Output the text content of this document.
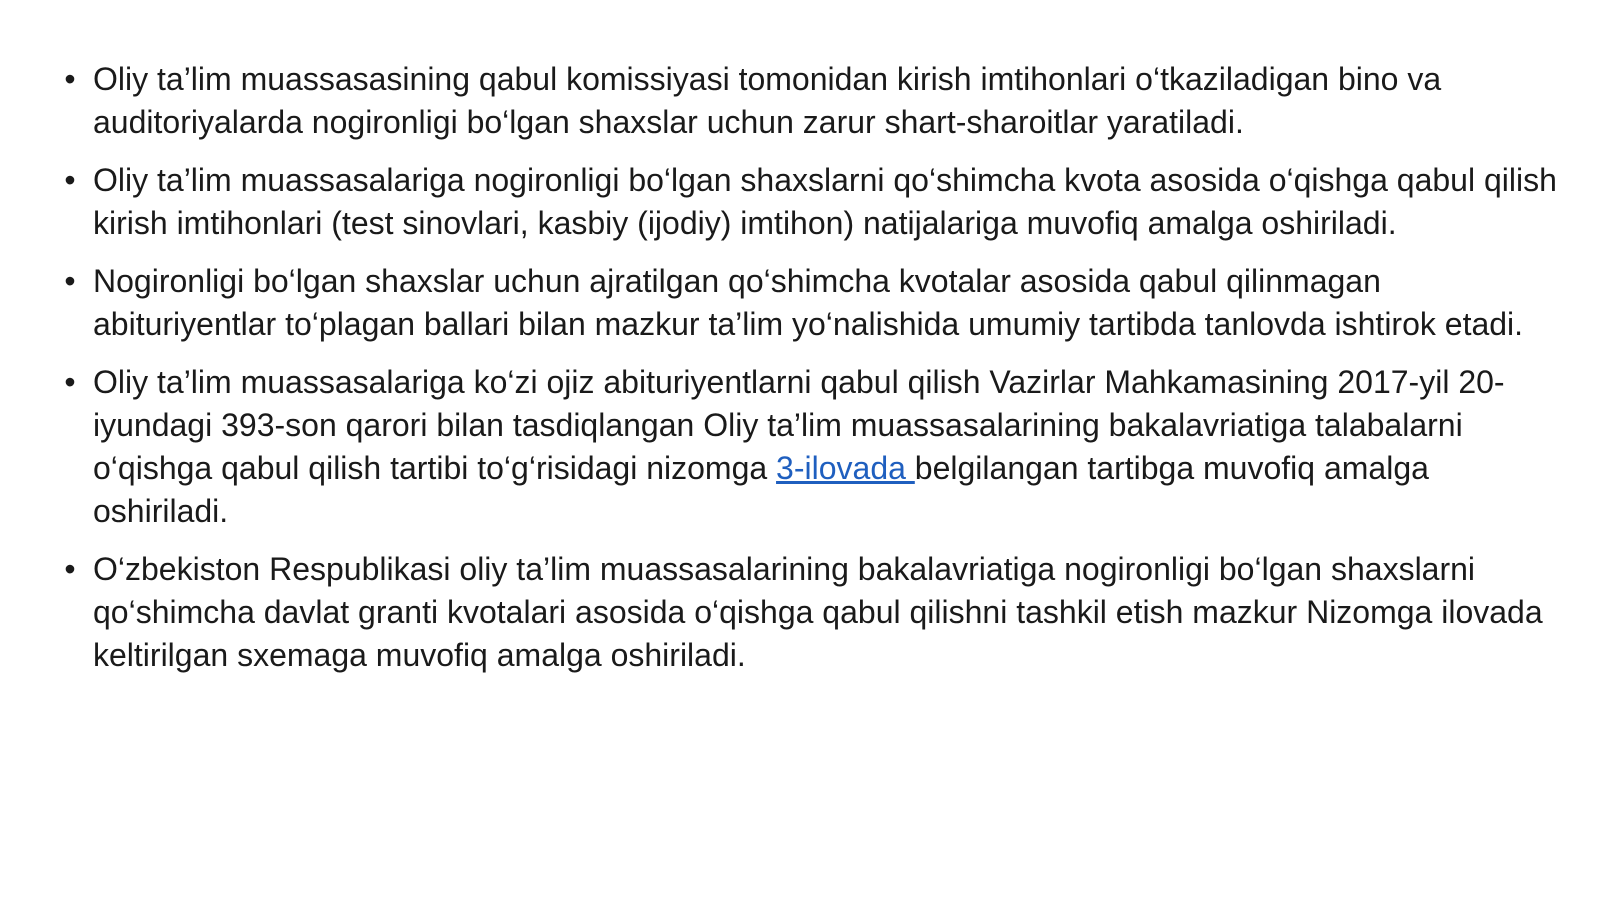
• Oliy ta’lim muassasasining qabul komissiyasi tomonidan kirish imtihonlari o‘tkaziladigan bino va auditoriyalarda nogironligi bo‘lgan shaxslar uchun zarur shart-sharoitlar yaratiladi.
• Oliy ta’lim muassasalariga nogironligi bo‘lgan shaxslarni qo‘shimcha kvota asosida o‘qishga qabul qilish kirish imtihonlari (test sinovlari, kasbiy (ijodiy) imtihon) natijalariga muvofiq amalga oshiriladi.
• Nogironligi bo‘lgan shaxslar uchun ajratilgan qo‘shimcha kvotalar asosida qabul qilinmagan abituriyentlar to‘plagan ballari bilan mazkur ta’lim yo‘nalishida umumiy tartibda tanlovda ishtirok etadi.
• Oliy ta’lim muassasalariga ko‘zi ojiz abituriyentlarni qabul qilish Vazirlar Mahkamasining 2017-yil 20-iyundagi 393-son qarori bilan tasdiqlangan Oliy ta’lim muassasalarining bakalavriatiga talabalarni o‘qishga qabul qilish tartibi to‘g‘risidagi nizomga 3-ilovada belgilangan tartibga muvofiq amalga oshiriladi.
• O‘zbekiston Respublikasi oliy ta’lim muassasalarining bakalavriatiga nogironligi bo‘lgan shaxslarni qo‘shimcha davlat granti kvotalari asosida o‘qishga qabul qilishni tashkil etish mazkur Nizomga ilovada keltirilgan sxemaga muvofiq amalga oshiriladi.
